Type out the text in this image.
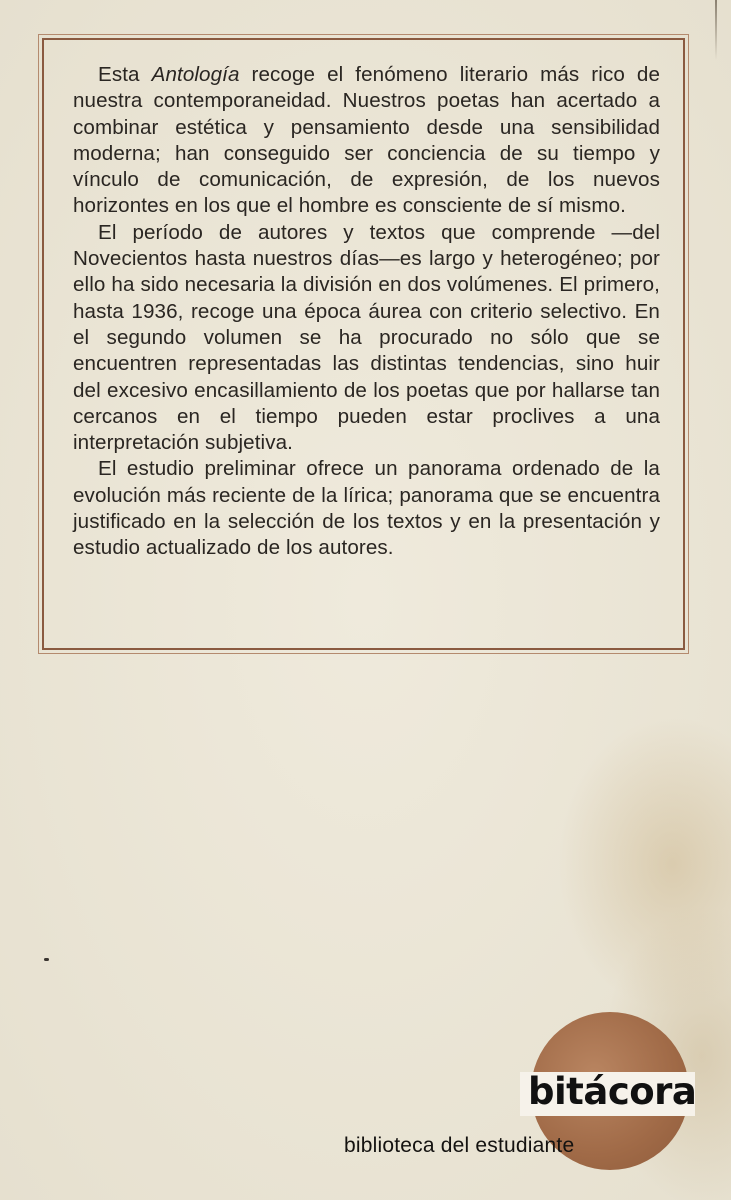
Esta Antología recoge el fenómeno literario más rico de nuestra contemporaneidad. Nuestros poetas han acertado a combinar estética y pensamiento desde una sensibilidad moderna; han conseguido ser conciencia de su tiempo y vínculo de comunicación, de expresión, de los nuevos horizontes en los que el hombre es consciente de sí mismo.

El período de autores y textos que comprende —del Novecientos hasta nuestros días—es largo y heterogéneo; por ello ha sido necesaria la división en dos volúmenes. El primero, hasta 1936, recoge una época áurea con criterio selectivo. En el segundo volumen se ha procurado no sólo que se encuentren representadas las distintas tendencias, sino huir del excesivo encasillamiento de los poetas que por hallarse tan cercanos en el tiempo pueden estar proclives a una interpretación subjetiva.

El estudio preliminar ofrece un panorama ordenado de la evolución más reciente de la lírica; panorama que se encuentra justificado en la selección de los textos y en la presentación y estudio actualizado de los autores.

bitácora
biblioteca del estudiante
